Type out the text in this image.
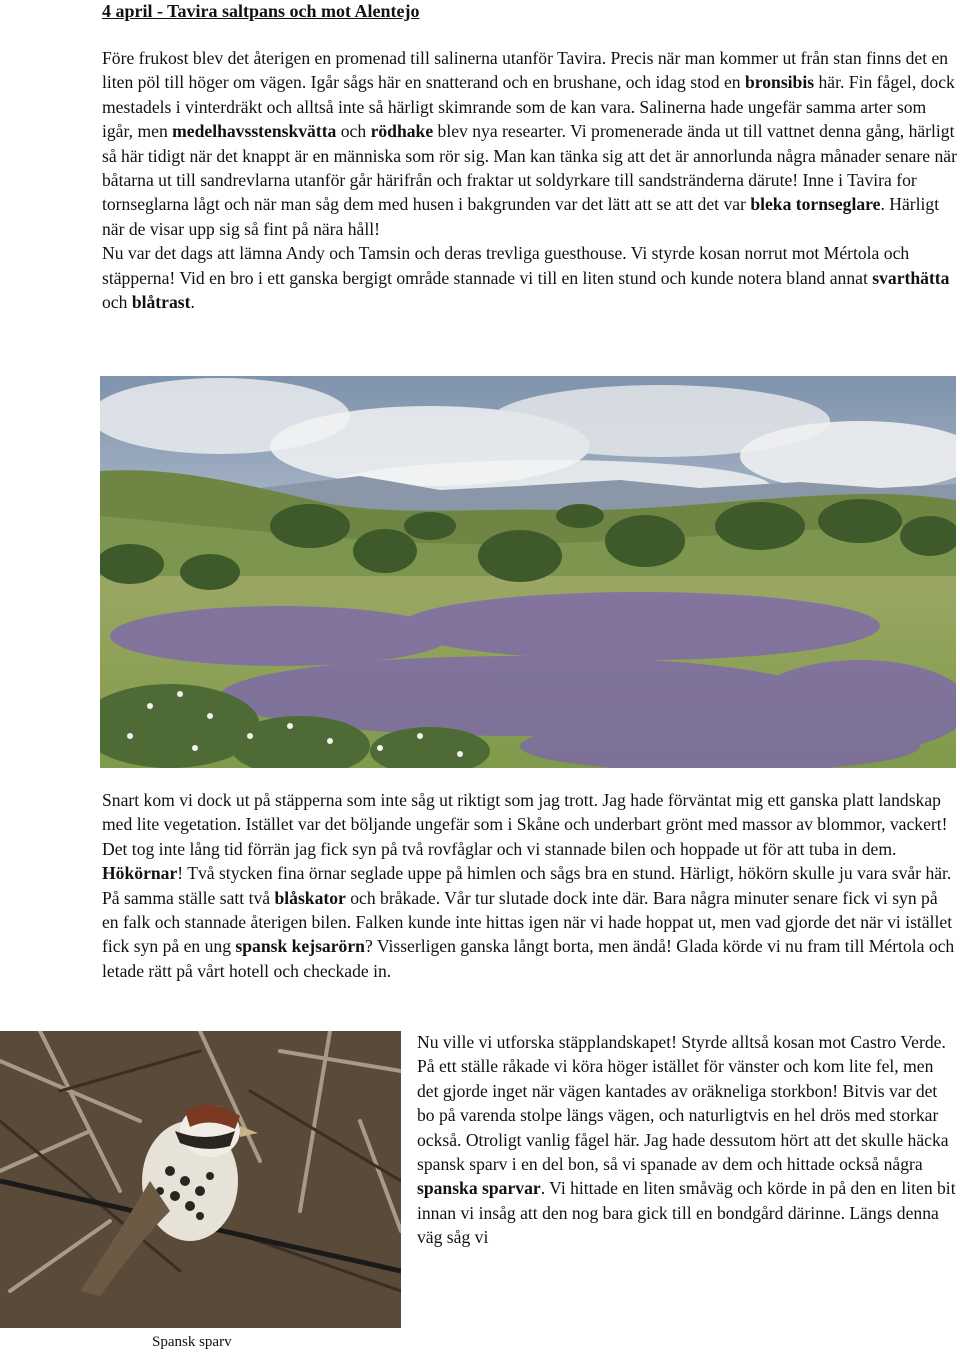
4 april - Tavira saltpans och mot Alentejo

Före frukost blev det återigen en promenad till salinerna utanför Tavira. Precis när man kommer ut från stan finns det en liten pöl till höger om vägen. Igår sågs här en snatterand och en brushane, och idag stod en bronsibis här. Fin fågel, dock mestadels i vinterdräkt och alltså inte så härligt skimrande som de kan vara. Salinerna hade ungefär samma arter som igår, men medelhavsstenskvätta och rödhake blev nya researter. Vi promenerade ända ut till vattnet denna gång, härligt så här tidigt när det knappt är en människa som rör sig. Man kan tänka sig att det är annorlunda några månader senare när båtarna ut till sandrevlarna utanför går härifrån och fraktar ut soldyrkare till sandstränderna därute! Inne i Tavira for tornseglarna lågt och när man såg dem med husen i bakgrunden var det lätt att se att det var bleka tornseglare. Härligt när de visar upp sig så fint på nära håll!
Nu var det dags att lämna Andy och Tamsin och deras trevliga guesthouse. Vi styrde kosan norrut mot Mértola och stäpperna! Vid en bro i ett ganska bergigt område stannade vi till en liten stund och kunde notera bland annat svarthätta och blåtrast.

Snart kom vi dock ut på stäpperna som inte såg ut riktigt som jag trott. Jag hade förväntat mig ett ganska platt landskap med lite vegetation. Istället var det böljande ungefär som i Skåne och underbart grönt med massor av blommor, vackert! Det tog inte lång tid förrän jag fick syn på två rovfåglar och vi stannade bilen och hoppade ut för att tuba in dem. Hökörnar! Två stycken fina örnar seglade uppe på himlen och sågs bra en stund. Härligt, hökörn skulle ju vara svår här. På samma ställe satt två blåskator och bråkade. Vår tur slutade dock inte där. Bara några minuter senare fick vi syn på en falk och stannade återigen bilen. Falken kunde inte hittas igen när vi hade hoppat ut, men vad gjorde det när vi istället fick syn på en ung spansk kejsarörn? Visserligen ganska långt borta, men ändå! Glada körde vi nu fram till Mértola och letade rätt på vårt hotell och checkade in.

Spansk sparv

Nu ville vi utforska stäpplandskapet! Styrde alltså kosan mot Castro Verde. På ett ställe råkade vi köra höger istället för vänster och kom lite fel, men det gjorde inget när vägen kantades av oräkneliga storkbon! Bitvis var det bo på varenda stolpe längs vägen, och naturligtvis en hel drös med storkar också. Otroligt vanlig fågel här. Jag hade dessutom hört att det skulle häcka spansk sparv i en del bon, så vi spanade av dem och hittade också några spanska sparvar. Vi hittade en liten småväg och körde in på den en liten bit innan vi insåg att den nog bara gick till en bondgård därinne. Längs denna väg såg vi
